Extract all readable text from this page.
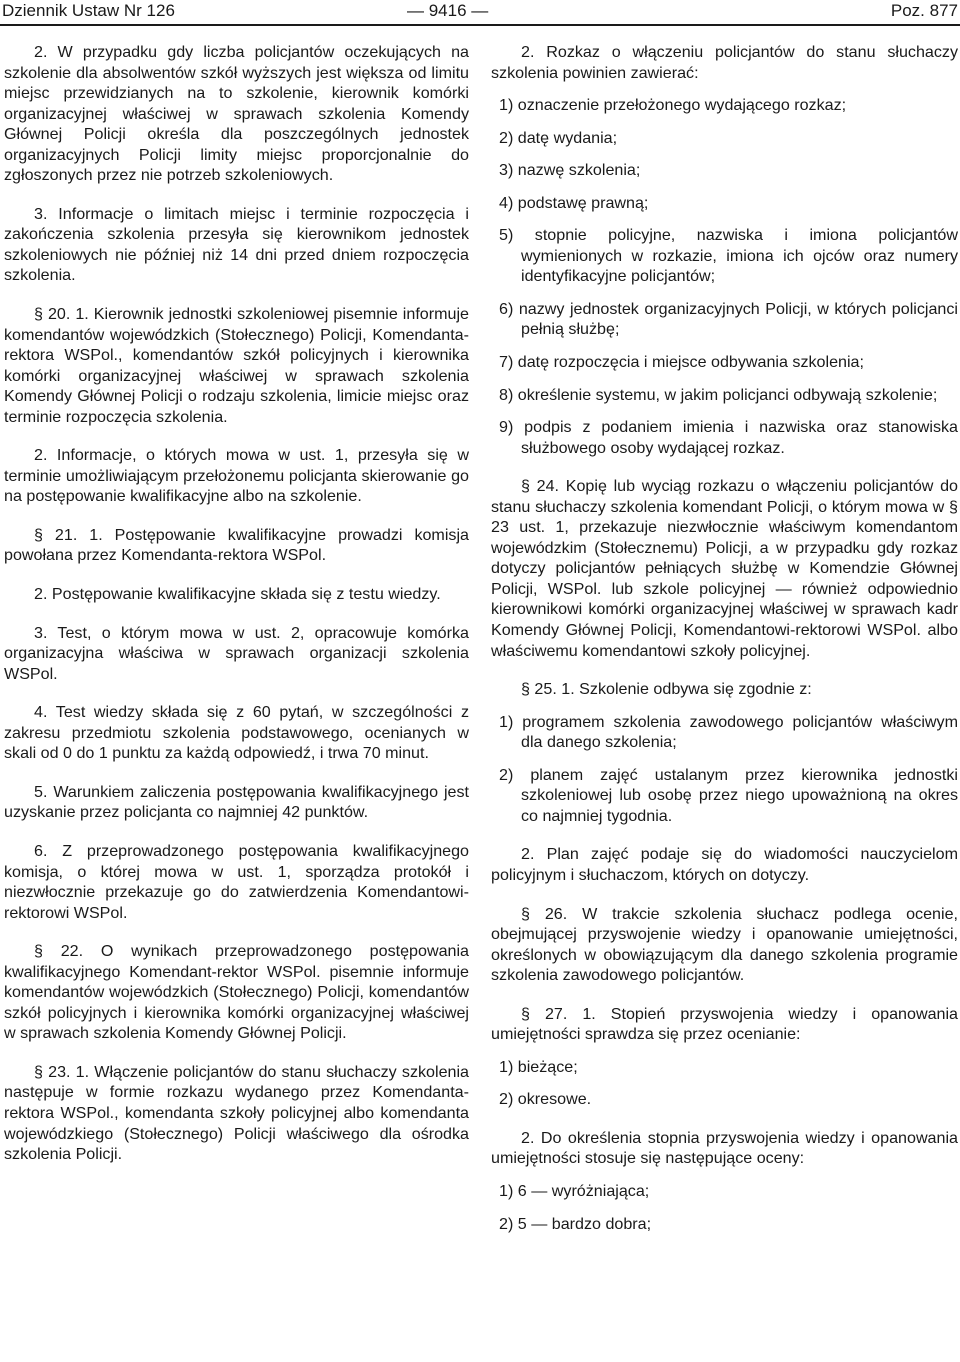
Dziennik Ustaw Nr 126	— 9416 —	Poz. 877

2. W przypadku gdy liczba policjantów oczekujących na szkolenie dla absolwentów szkół wyższych jest większa od limitu miejsc przewidzianych na to szkolenie, kierownik komórki organizacyjnej właściwej w sprawach szkolenia Komendy Głównej Policji określa dla poszczególnych jednostek organizacyjnych Policji limity miejsc proporcjonalnie do zgłoszonych przez nie potrzeb szkoleniowych.

3. Informacje o limitach miejsc i terminie rozpoczęcia i zakończenia szkolenia przesyła się kierownikom jednostek szkoleniowych nie później niż 14 dni przed dniem rozpoczęcia szkolenia.

§ 20. 1. Kierownik jednostki szkoleniowej pisemnie informuje komendantów wojewódzkich (Stołecznego) Policji, Komendanta-rektora WSPol., komendantów szkół policyjnych i kierownika komórki organizacyjnej właściwej w sprawach szkolenia Komendy Głównej Policji o rodzaju szkolenia, limicie miejsc oraz terminie rozpoczęcia szkolenia.

2. Informacje, o których mowa w ust. 1, przesyła się w terminie umożliwiającym przełożonemu policjanta skierowanie go na postępowanie kwalifikacyjne albo na szkolenie.

§ 21. 1. Postępowanie kwalifikacyjne prowadzi komisja powołana przez Komendanta-rektora WSPol.

2. Postępowanie kwalifikacyjne składa się z testu wiedzy.

3. Test, o którym mowa w ust. 2, opracowuje komórka organizacyjna właściwa w sprawach organizacji szkolenia WSPol.

4. Test wiedzy składa się z 60 pytań, w szczególności z zakresu przedmiotu szkolenia podstawowego, ocenianych w skali od 0 do 1 punktu za każdą odpowiedź, i trwa 70 minut.

5. Warunkiem zaliczenia postępowania kwalifikacyjnego jest uzyskanie przez policjanta co najmniej 42 punktów.

6. Z przeprowadzonego postępowania kwalifikacyjnego komisja, o której mowa w ust. 1, sporządza protokół i niezwłocznie przekazuje go do zatwierdzenia Komendantowi-rektorowi WSPol.

§ 22. O wynikach przeprowadzonego postępowania kwalifikacyjnego Komendant-rektor WSPol. pisemnie informuje komendantów wojewódzkich (Stołecznego) Policji, komendantów szkół policyjnych i kierownika komórki organizacyjnej właściwej w sprawach szkolenia Komendy Głównej Policji.

§ 23. 1. Włączenie policjantów do stanu słuchaczy szkolenia następuje w formie rozkazu wydanego przez Komendanta-rektora WSPol., komendanta szkoły policyjnej albo komendanta wojewódzkiego (Stołecznego) Policji właściwego dla ośrodka szkolenia Policji.

2. Rozkaz o włączeniu policjantów do stanu słuchaczy szkolenia powinien zawierać:

1) oznaczenie przełożonego wydającego rozkaz;
2) datę wydania;
3) nazwę szkolenia;
4) podstawę prawną;
5) stopnie policyjne, nazwiska i imiona policjantów wymienionych w rozkazie, imiona ich ojców oraz numery identyfikacyjne policjantów;
6) nazwy jednostek organizacyjnych Policji, w których policjanci pełnią służbę;
7) datę rozpoczęcia i miejsce odbywania szkolenia;
8) określenie systemu, w jakim policjanci odbywają szkolenie;
9) podpis z podaniem imienia i nazwiska oraz stanowiska służbowego osoby wydającej rozkaz.

§ 24. Kopię lub wyciąg rozkazu o włączeniu policjantów do stanu słuchaczy szkolenia komendant Policji, o którym mowa w § 23 ust. 1, przekazuje niezwłocznie właściwym komendantom wojewódzkim (Stołecznemu) Policji, a w przypadku gdy rozkaz dotyczy policjantów pełniących służbę w Komendzie Głównej Policji, WSPol. lub szkole policyjnej — również odpowiednio kierownikowi komórki organizacyjnej właściwej w sprawach kadr Komendy Głównej Policji, Komendantowi-rektorowi WSPol. albo właściwemu komendantowi szkoły policyjnej.

§ 25. 1. Szkolenie odbywa się zgodnie z:

1) programem szkolenia zawodowego policjantów właściwym dla danego szkolenia;
2) planem zajęć ustalanym przez kierownika jednostki szkoleniowej lub osobę przez niego upoważnioną na okres co najmniej tygodnia.

2. Plan zajęć podaje się do wiadomości nauczycielom policyjnym i słuchaczom, których on dotyczy.

§ 26. W trakcie szkolenia słuchacz podlega ocenie, obejmującej przyswojenie wiedzy i opanowanie umiejętności, określonych w obowiązującym dla danego szkolenia programie szkolenia zawodowego policjantów.

§ 27. 1. Stopień przyswojenia wiedzy i opanowania umiejętności sprawdza się przez ocenianie:

1) bieżące;
2) okresowe.

2. Do określenia stopnia przyswojenia wiedzy i opanowania umiejętności stosuje się następujące oceny:

1) 6 — wyróżniająca;
2) 5 — bardzo dobra;
